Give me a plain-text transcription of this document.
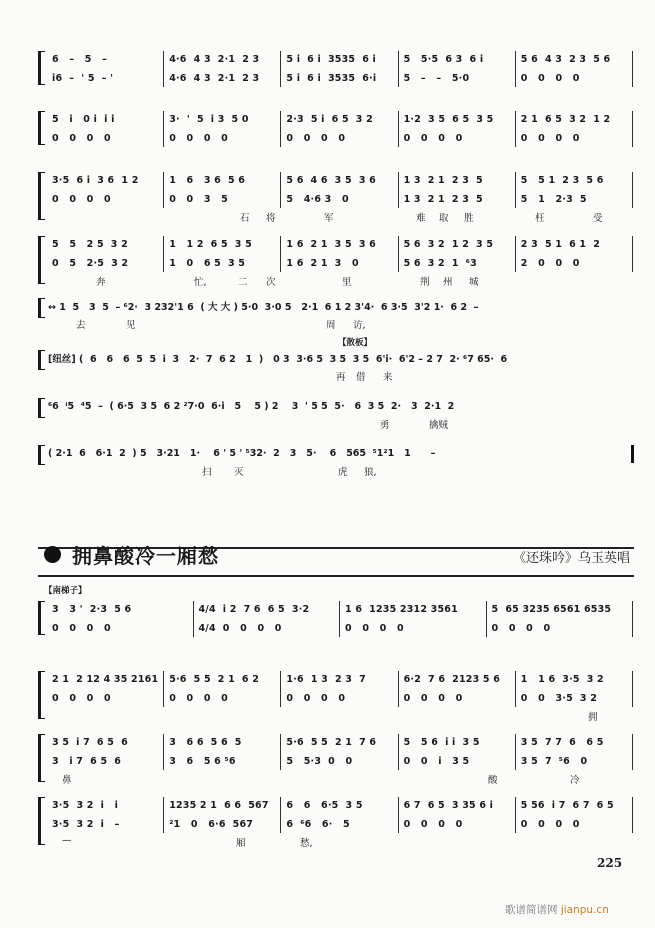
6   –   5   –	4·6  4 3  2·1  2 3	5 i  6 i  3535  6 i	5   5·5  6 3  6 i	5 6  4 3  2 3  5 6
i6  –  ' 5  – '	4·6  4 3  2·1  2 3	5 i  6 i  3535  6·i	5   –   –   5·0	0   0   0   0
5   i   0 i  i i	3·  '  5  i 3  5 0	2·3  5 i  6 5  3 2	1·2  3 5  6 5  3 5	2 1  6 5  3 2  1 2
0   0   0   0	0   0   0   0	0   0   0   0	0   0   0   0	0   0   0   0
3·5  6 i  3 6  1 2	1   6   3 6  5 6	5 6  4 6  3 5  3 6	1 3  2 1  2 3  5	5   5 1  2 3  5 6
0   0   0   0	0   0   3   5	5   4·6 3   0	1 3  2 1  2 3  5	5   1   2·3  5
石 将	军	难 取 胜	枉	受
5   5   2 5  3 2	1   1 2  6 5  3 5	1 6  2 1  3 5  3 6	5 6  3 2  1 2  3 5	2 3  5 1  6 1  2
0   5   2·5  3 2	1   0   6 5  3 5	1 6  2 1  3   0	5 6  3 2  1  ⁶3	2   0   0   0
奔	忙,	二 次	里	荆 州 城
↔ 1  5   3  5  – ⁶2·  3 232'1 6  ( 大 大 ) 5·0  3·0 5   2·1  6 1 2 3'4·  6 3·5  3'2 1·  6 2  –
去	见	周 访,
[纽丝] (  6   6   6  5  5  i  3   2·  7  6 2   1  )   0 3  3·6 5  3 5  3 5  6'i·  6'2 – 2 7  2· ⁶7 65·  6
【散板】
再 借 来
⁶6  ⁱ5  ⁴5  –  ( 6·5  3 5  6 2 ²7·0  6·i   5    5 ) 2    3  ' 5 5  5·   6  3 5  2·   3  2·1  2
勇	擒贼
( 2·1  6   6·1  2  ) 5   3·21   1·    6 ' 5 ' ⁵32·  2   3   5·    6   565  ⁵1²1   1      –
扫 灭	虎 狼,
3   3 '  2·3  5 6	4/4  i 2  7 6  6 5  3·2	1 6  1235 2312 3561	5  65 3235 6561 6535
0   0   0   0	4/4  0   0   0   0	0   0   0   0	0   0   0   0
2 1  2 12 4 35 2161	5·6  5 5  2 1  6 2	1·6  1 3  2 3  7	6·2  7 6  2123 5 6	1   1 6  3·5  3 2
0   0   0   0	0   0   0   0	0   0   0   0	0   0   0   0	0   0   3·5  3 2
拥
3 5  i 7  6 5  6	3   6 6  5 6  5	5·6  5 5  2 1  7 6	5   5 6  i i  3 5	3 5  7 7  6   6 5
3   i 7  6 5  6	3   6   5 6 ⁵6	5   5·3  0   0	0   0   i   3 5	3 5  7  ⁵6   0
鼻	酸	冷
3·5  3 2  i   i	1235 2 1  6 6  567	6   6   6·5  3 5	6 7  6 5  3 35 6 i	5 56  i 7  6 7  6 5
3·5  3 2  i   –	²1   0   6·6  567	6  ⁶6   6·   5	0   0   0   0	0   0   0   0
—	厢	愁,
拥鼻酸冷一厢愁	《还珠吟》乌玉英唱
【南梯子】
225
歌谱简谱网 jianpu.cn
